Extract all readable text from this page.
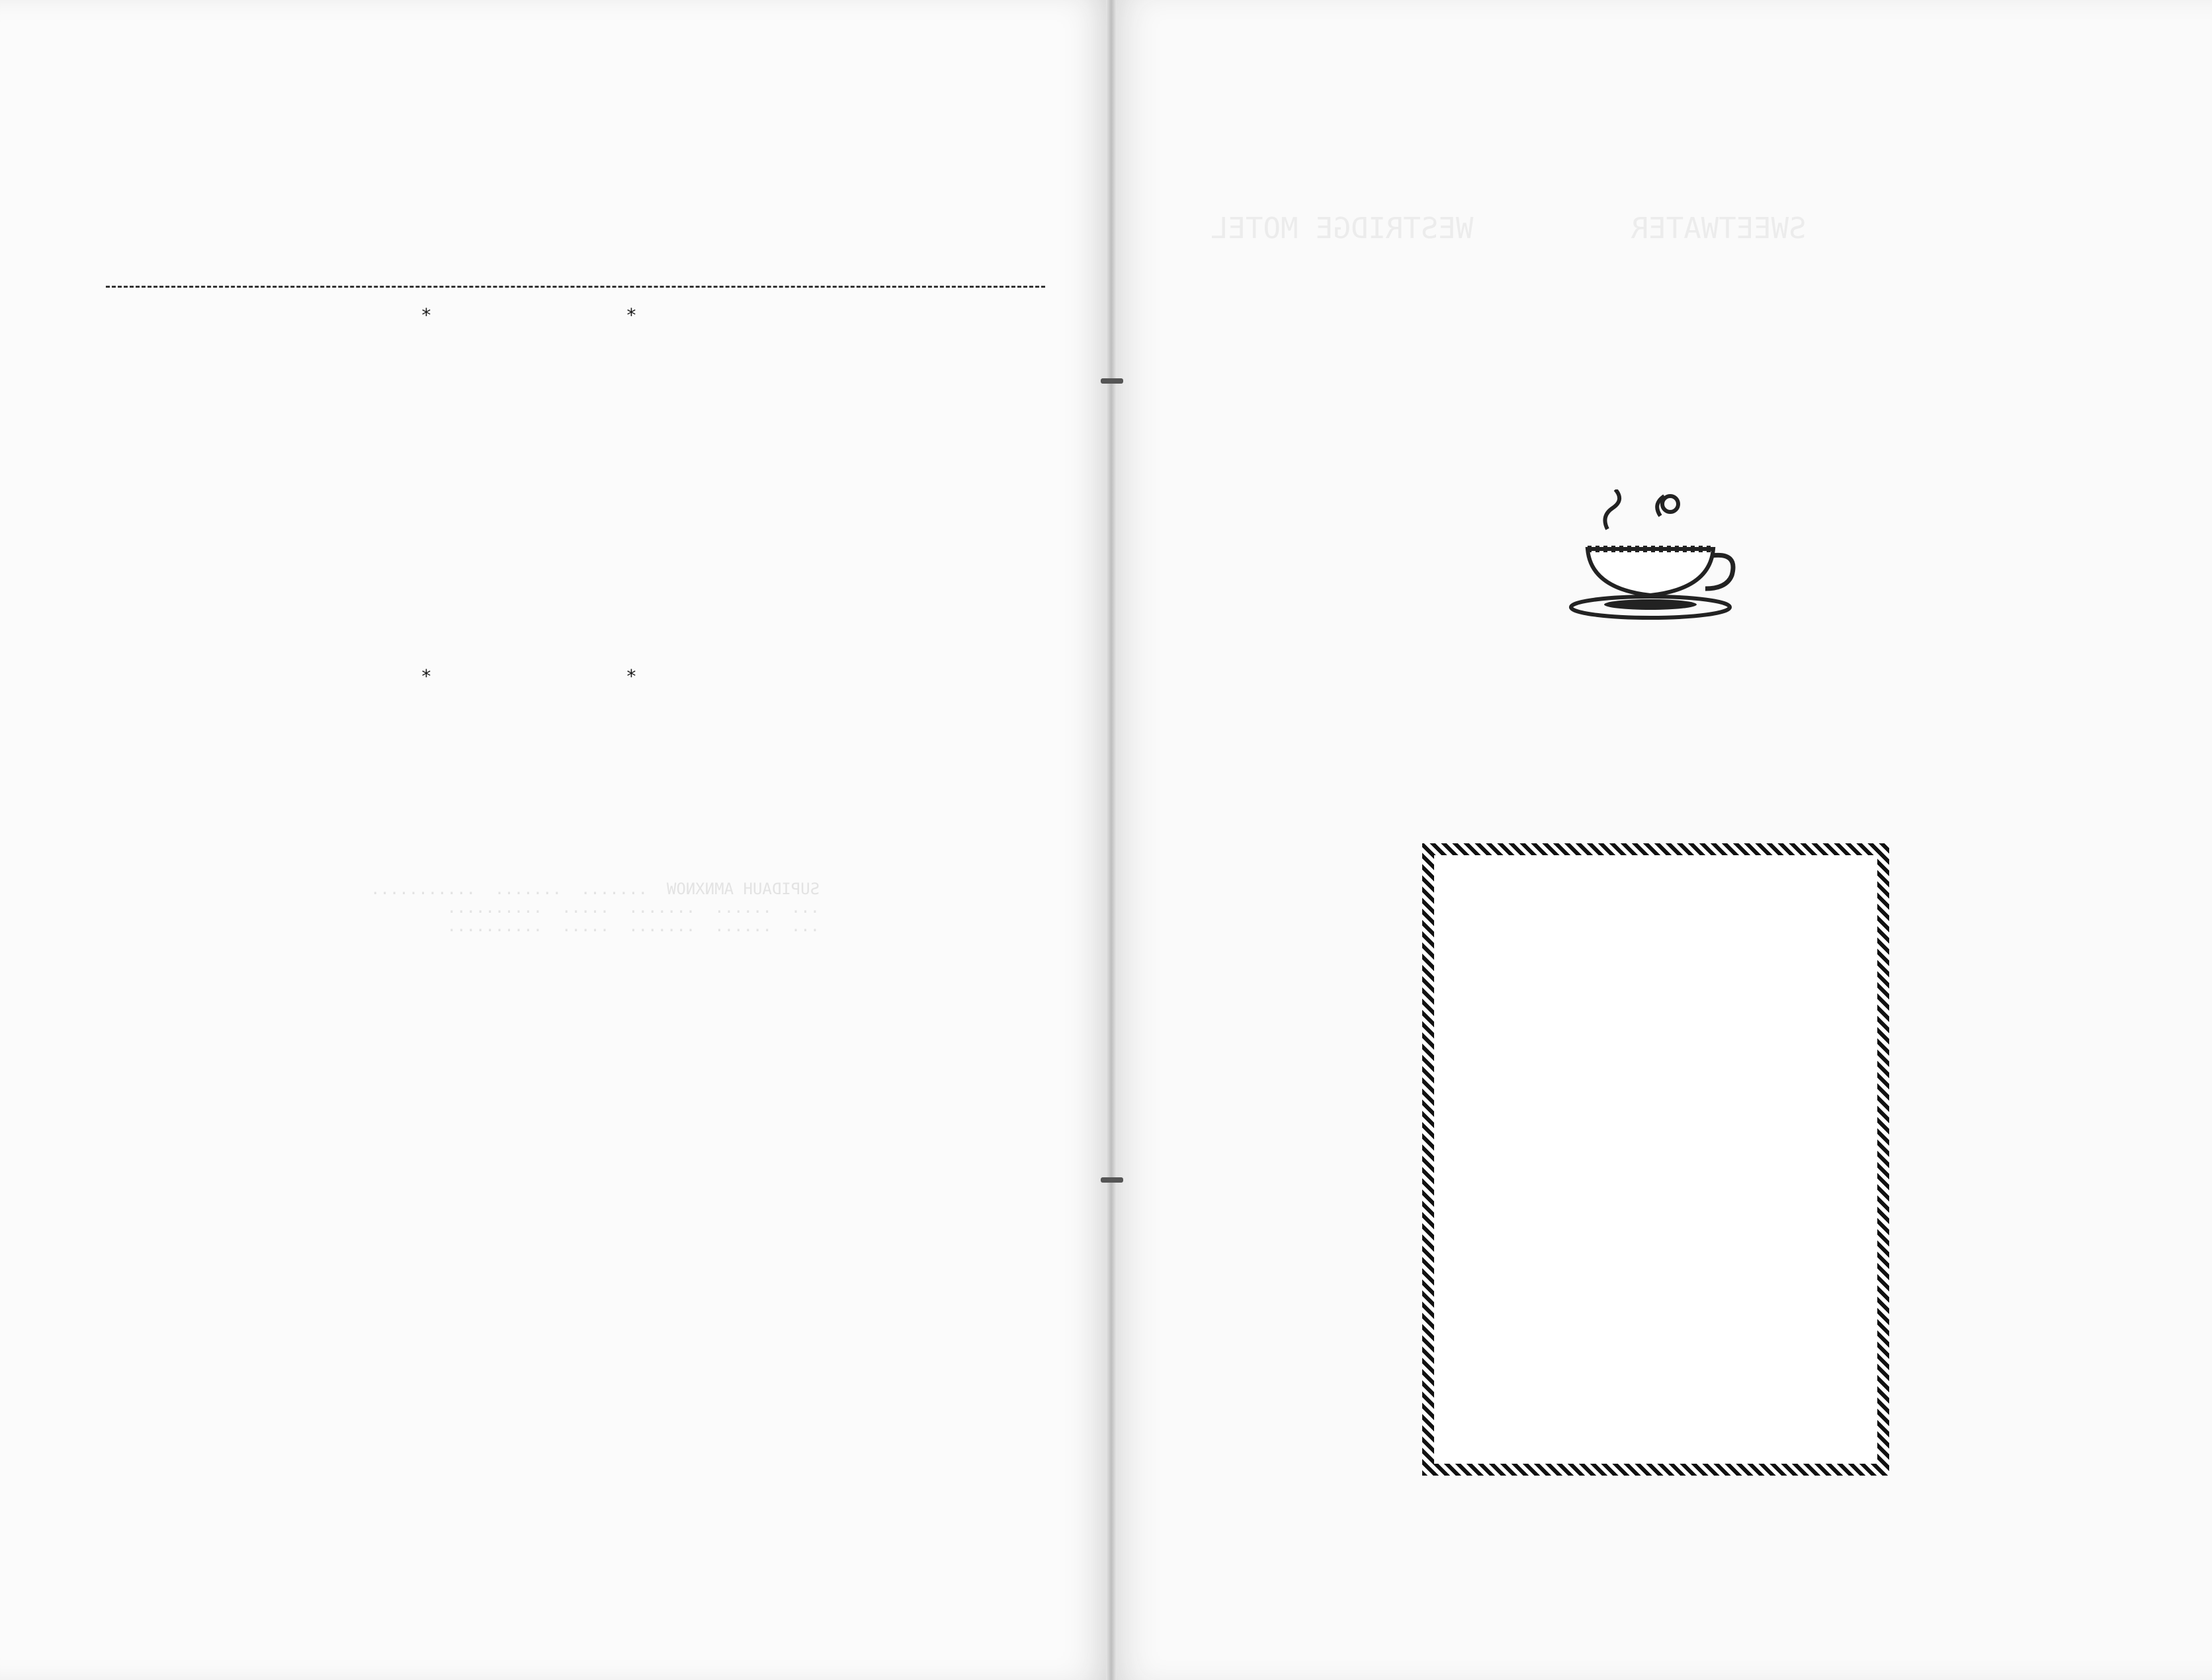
SUPIDAUH AMNXNOW  .......  .......  ...........
...  ......  .......  .....  ..........
...  ......  .......  .....  ..........
SWEETWATER         WESTRIDGE MOTEL
*	*

*	*
